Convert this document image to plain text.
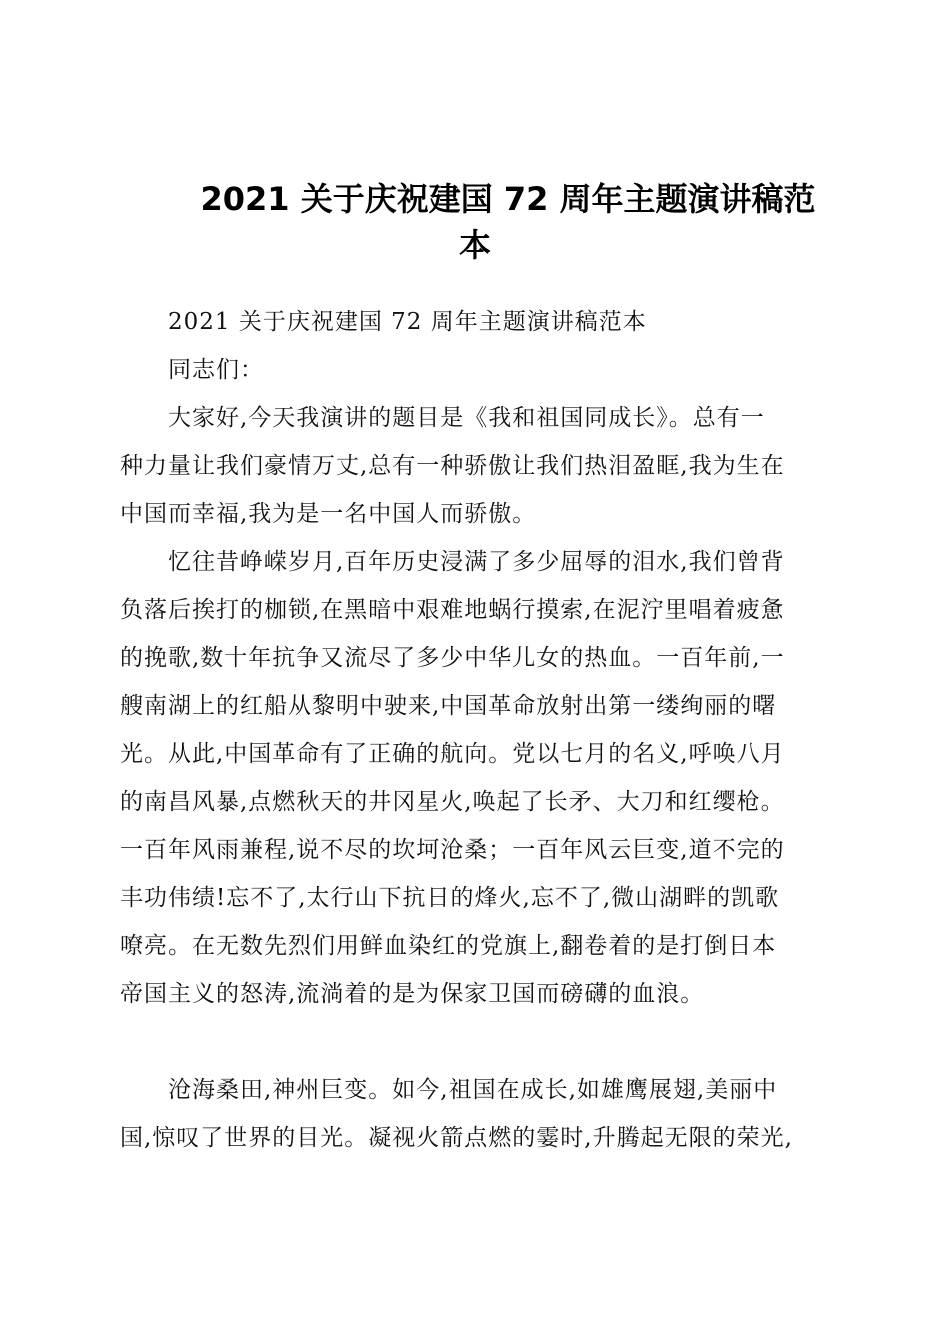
2021 关于庆祝建国 72 周年主题演讲稿范
本

2021 关于庆祝建国 72 周年主题演讲稿范本

同志们：

大家好,今天我演讲的题目是《我和祖国同成长》。总有一
种力量让我们豪情万丈,总有一种骄傲让我们热泪盈眶,我为生在
中国而幸福,我为是一名中国人而骄傲。

忆往昔峥嵘岁月,百年历史浸满了多少屈辱的泪水,我们曾背
负落后挨打的枷锁,在黑暗中艰难地蜗行摸索,在泥泞里唱着疲惫
的挽歌,数十年抗争又流尽了多少中华儿女的热血。一百年前,一
艘南湖上的红船从黎明中驶来,中国革命放射出第一缕绚丽的曙
光。从此,中国革命有了正确的航向。党以七月的名义,呼唤八月
的南昌风暴,点燃秋天的井冈星火,唤起了长矛、大刀和红缨枪。
一百年风雨兼程,说不尽的坎坷沧桑；一百年风云巨变,道不完的
丰功伟绩!忘不了,太行山下抗日的烽火,忘不了,微山湖畔的凯歌
嘹亮。在无数先烈们用鲜血染红的党旗上,翻卷着的是打倒日本
帝国主义的怒涛,流淌着的是为保家卫国而磅礴的血浪。

沧海桑田,神州巨变。如今,祖国在成长,如雄鹰展翅,美丽中
国,惊叹了世界的目光。凝视火箭点燃的霎时,升腾起无限的荣光,
